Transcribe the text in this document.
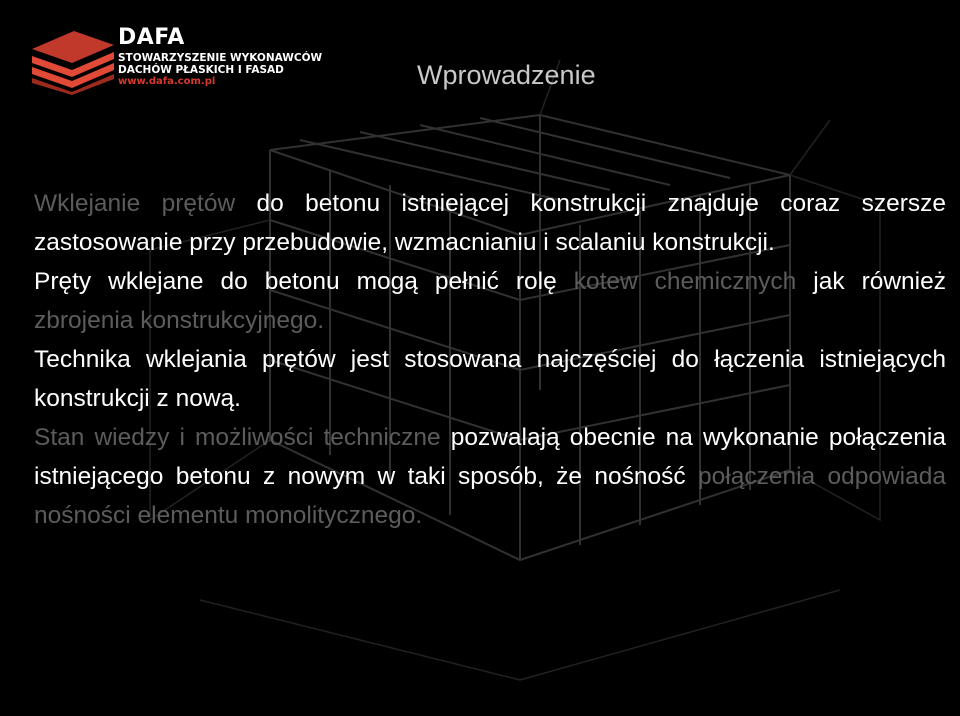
DAFA
STOWARZYSZENIE WYKONAWCÓW
DACHÓW PŁASKICH I FASAD
www.dafa.com.pl	Wprowadzenie

Wklejanie prętów do betonu istniejącej konstrukcji znajduje coraz szersze zastosowanie przy przebudowie, wzmacnianiu i scalaniu konstrukcji.

Pręty wklejane do betonu mogą pełnić rolę kotew chemicznych jak również zbrojenia konstrukcyjnego.

Technika wklejania prętów jest stosowana najczęściej do łączenia istniejących konstrukcji z nową.

Stan wiedzy i możliwości techniczne pozwalają obecnie na wykonanie połączenia istniejącego betonu z nowym w taki sposób, że nośność połączenia odpowiada nośności elementu monolitycznego.
